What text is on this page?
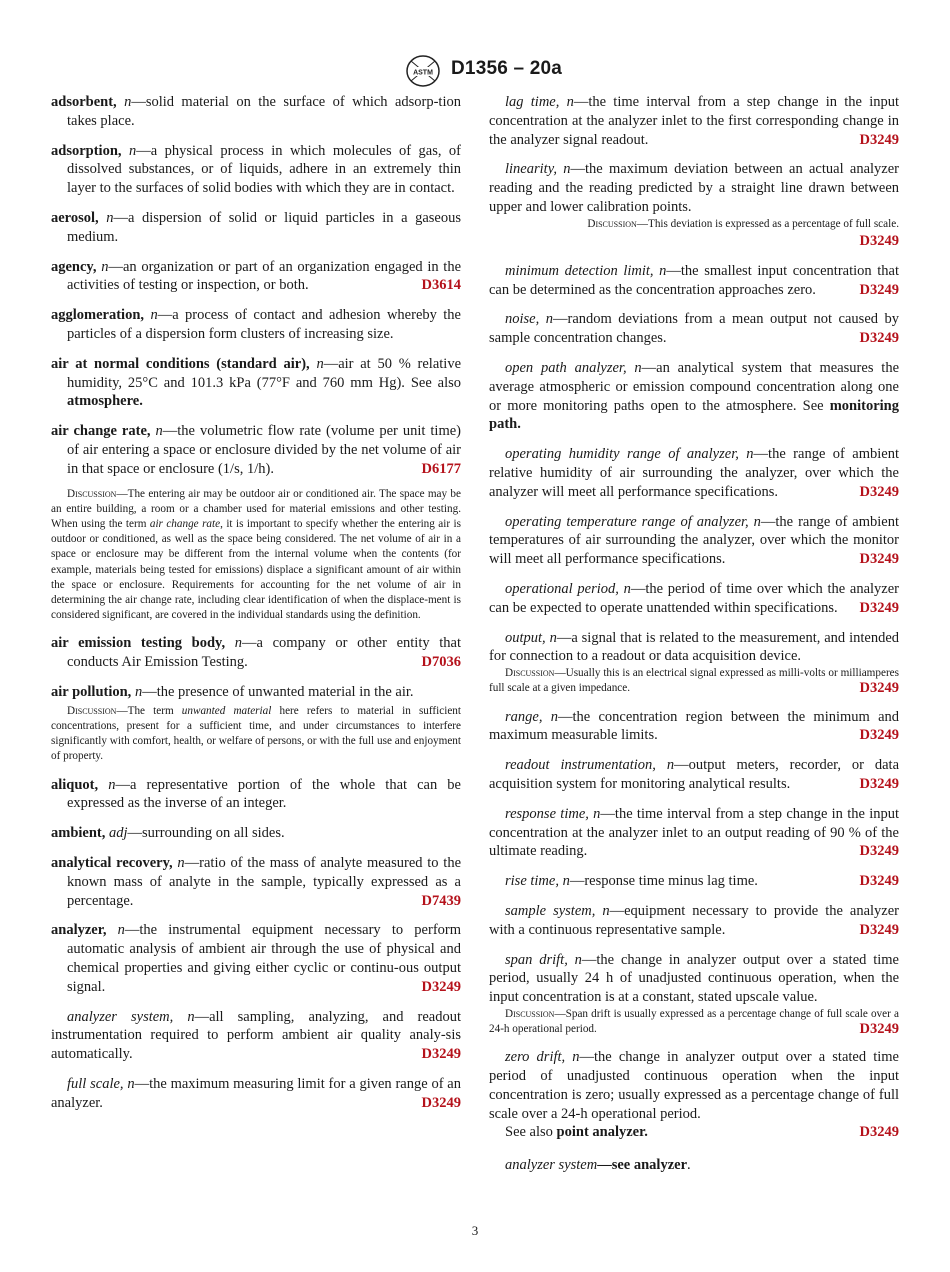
ASTM D1356 – 20a

adsorbent, n—solid material on the surface of which adsorp-tion takes place.

adsorption, n—a physical process in which molecules of gas, of dissolved substances, or of liquids, adhere in an extremely thin layer to the surfaces of solid bodies with which they are in contact.

aerosol, n—a dispersion of solid or liquid particles in a gaseous medium.

agency, n—an organization or part of an organization engaged in the activities of testing or inspection, or both.	D3614

agglomeration, n—a process of contact and adhesion whereby the particles of a dispersion form clusters of increasing size.

air at normal conditions (standard air), n—air at 50 % relative humidity, 25°C and 101.3 kPa (77°F and 760 mm Hg). See also atmosphere.

air change rate, n—the volumetric flow rate (volume per unit time) of air entering a space or enclosure divided by the net volume of air in that space or enclosure (1/s, 1/h).	D6177

Discussion—The entering air may be outdoor air or conditioned air. The space may be an entire building, a room or a chamber used for material emissions and other testing. When using the term air change rate, it is important to specify whether the entering air is outdoor or conditioned, as well as the space being considered. The net volume of air in a space or enclosure may be different from the internal volume when the contents (for example, materials being tested for emissions) displace a significant amount of air within the space or enclosure. Requirements for accounting for the net volume of air in determining the air change rate, including clear identification of when the displace-ment is considered significant, are covered in the individual standards using the definition.

air emission testing body, n—a company or other entity that conducts Air Emission Testing.	D7036

air pollution, n—the presence of unwanted material in the air.

Discussion—The term unwanted material here refers to material in sufficient concentrations, present for a sufficient time, and under circumstances to interfere significantly with comfort, health, or welfare of persons, or with the full use and enjoyment of property.

aliquot, n—a representative portion of the whole that can be expressed as the inverse of an integer.

ambient, adj—surrounding on all sides.

analytical recovery, n—ratio of the mass of analyte measured to the known mass of analyte in the sample, typically expressed as a percentage.	D7439

analyzer, n—the instrumental equipment necessary to perform automatic analysis of ambient air through the use of physical and chemical properties and giving either cyclic or continu-ous output signal.	D3249

analyzer system, n—all sampling, analyzing, and readout instrumentation required to perform ambient air quality analy-sis automatically.	D3249

full scale, n—the maximum measuring limit for a given range of an analyzer.	D3249

lag time, n—the time interval from a step change in the input concentration at the analyzer inlet to the first corresponding change in the analyzer signal readout.	D3249

linearity, n—the maximum deviation between an actual analyzer reading and the reading predicted by a straight line drawn between upper and lower calibration points.

Discussion—This deviation is expressed as a percentage of full scale.

D3249

minimum detection limit, n—the smallest input concentration that can be determined as the concentration approaches zero.	D3249

noise, n—random deviations from a mean output not caused by sample concentration changes.	D3249

open path analyzer, n—an analytical system that measures the average atmospheric or emission compound concentration along one or more monitoring paths open to the atmosphere. See monitoring path.

operating humidity range of analyzer, n—the range of ambient relative humidity of air surrounding the analyzer, over which the analyzer will meet all performance specifications.	D3249

operating temperature range of analyzer, n—the range of ambient temperatures of air surrounding the analyzer, over which the monitor will meet all performance specifications.	D3249

operational period, n—the period of time over which the analyzer can be expected to operate unattended within specifications. D3249

output, n—a signal that is related to the measurement, and intended for connection to a readout or data acquisition device.

Discussion—Usually this is an electrical signal expressed as milli-volts or milliamperes full scale at a given impedance.	D3249

range, n—the concentration region between the minimum and maximum measurable limits.	D3249

readout instrumentation, n—output meters, recorder, or data acquisition system for monitoring analytical results.	D3249

response time, n—the time interval from a step change in the input concentration at the analyzer inlet to an output reading of 90 % of the ultimate reading.	D3249

rise time, n—response time minus lag time.	D3249

sample system, n—equipment necessary to provide the analyzer with a continuous representative sample.	D3249

span drift, n—the change in analyzer output over a stated time period, usually 24 h of unadjusted continuous operation, when the input concentration is at a constant, stated upscale value.

Discussion—Span drift is usually expressed as a percentage change of full scale over a 24-h operational period.	D3249

zero drift, n—the change in analyzer output over a stated time period of unadjusted continuous operation when the input concentration is zero; usually expressed as a percentage change of full scale over a 24-h operational period.

See also point analyzer.	D3249

analyzer system—see analyzer.

3
